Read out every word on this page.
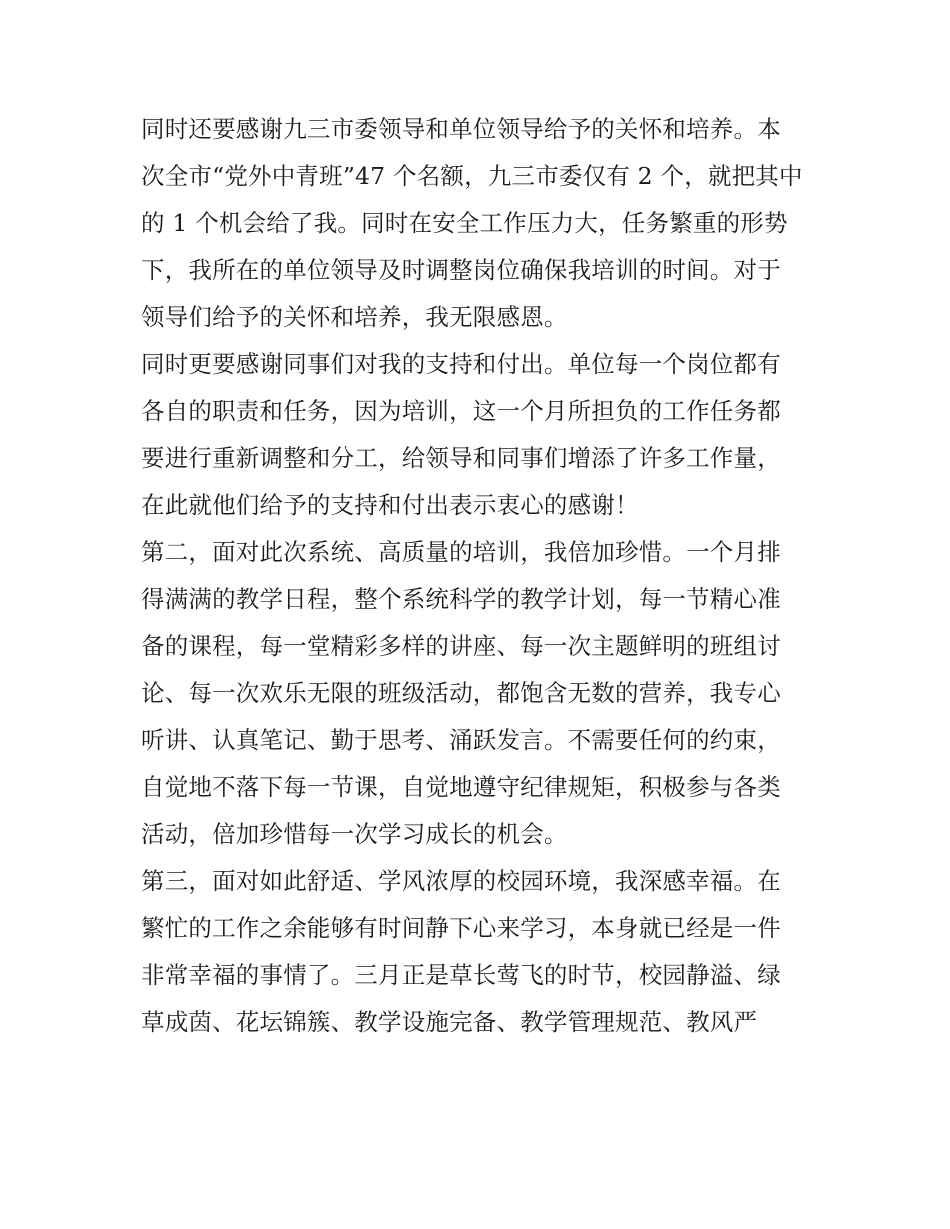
同时还要感谢九三市委领导和单位领导给予的关怀和培养。本
次全市“党外中青班”47 个名额，九三市委仅有 2 个，就把其中
的 1 个机会给了我。同时在安全工作压力大，任务繁重的形势
下，我所在的单位领导及时调整岗位确保我培训的时间。对于
领导们给予的关怀和培养，我无限感恩。
同时更要感谢同事们对我的支持和付出。单位每一个岗位都有
各自的职责和任务，因为培训，这一个月所担负的工作任务都
要进行重新调整和分工，给领导和同事们增添了许多工作量，
在此就他们给予的支持和付出表示衷心的感谢！
第二，面对此次系统、高质量的培训，我倍加珍惜。一个月排
得满满的教学日程，整个系统科学的教学计划，每一节精心准
备的课程，每一堂精彩多样的讲座、每一次主题鲜明的班组讨
论、每一次欢乐无限的班级活动，都饱含无数的营养，我专心
听讲、认真笔记、勤于思考、涌跃发言。不需要任何的约束，
自觉地不落下每一节课，自觉地遵守纪律规矩，积极参与各类
活动，倍加珍惜每一次学习成长的机会。
第三，面对如此舒适、学风浓厚的校园环境，我深感幸福。在
繁忙的工作之余能够有时间静下心来学习，本身就已经是一件
非常幸福的事情了。三月正是草长莺飞的时节，校园静溢、绿
草成茵、花坛锦簇、教学设施完备、教学管理规范、教风严
